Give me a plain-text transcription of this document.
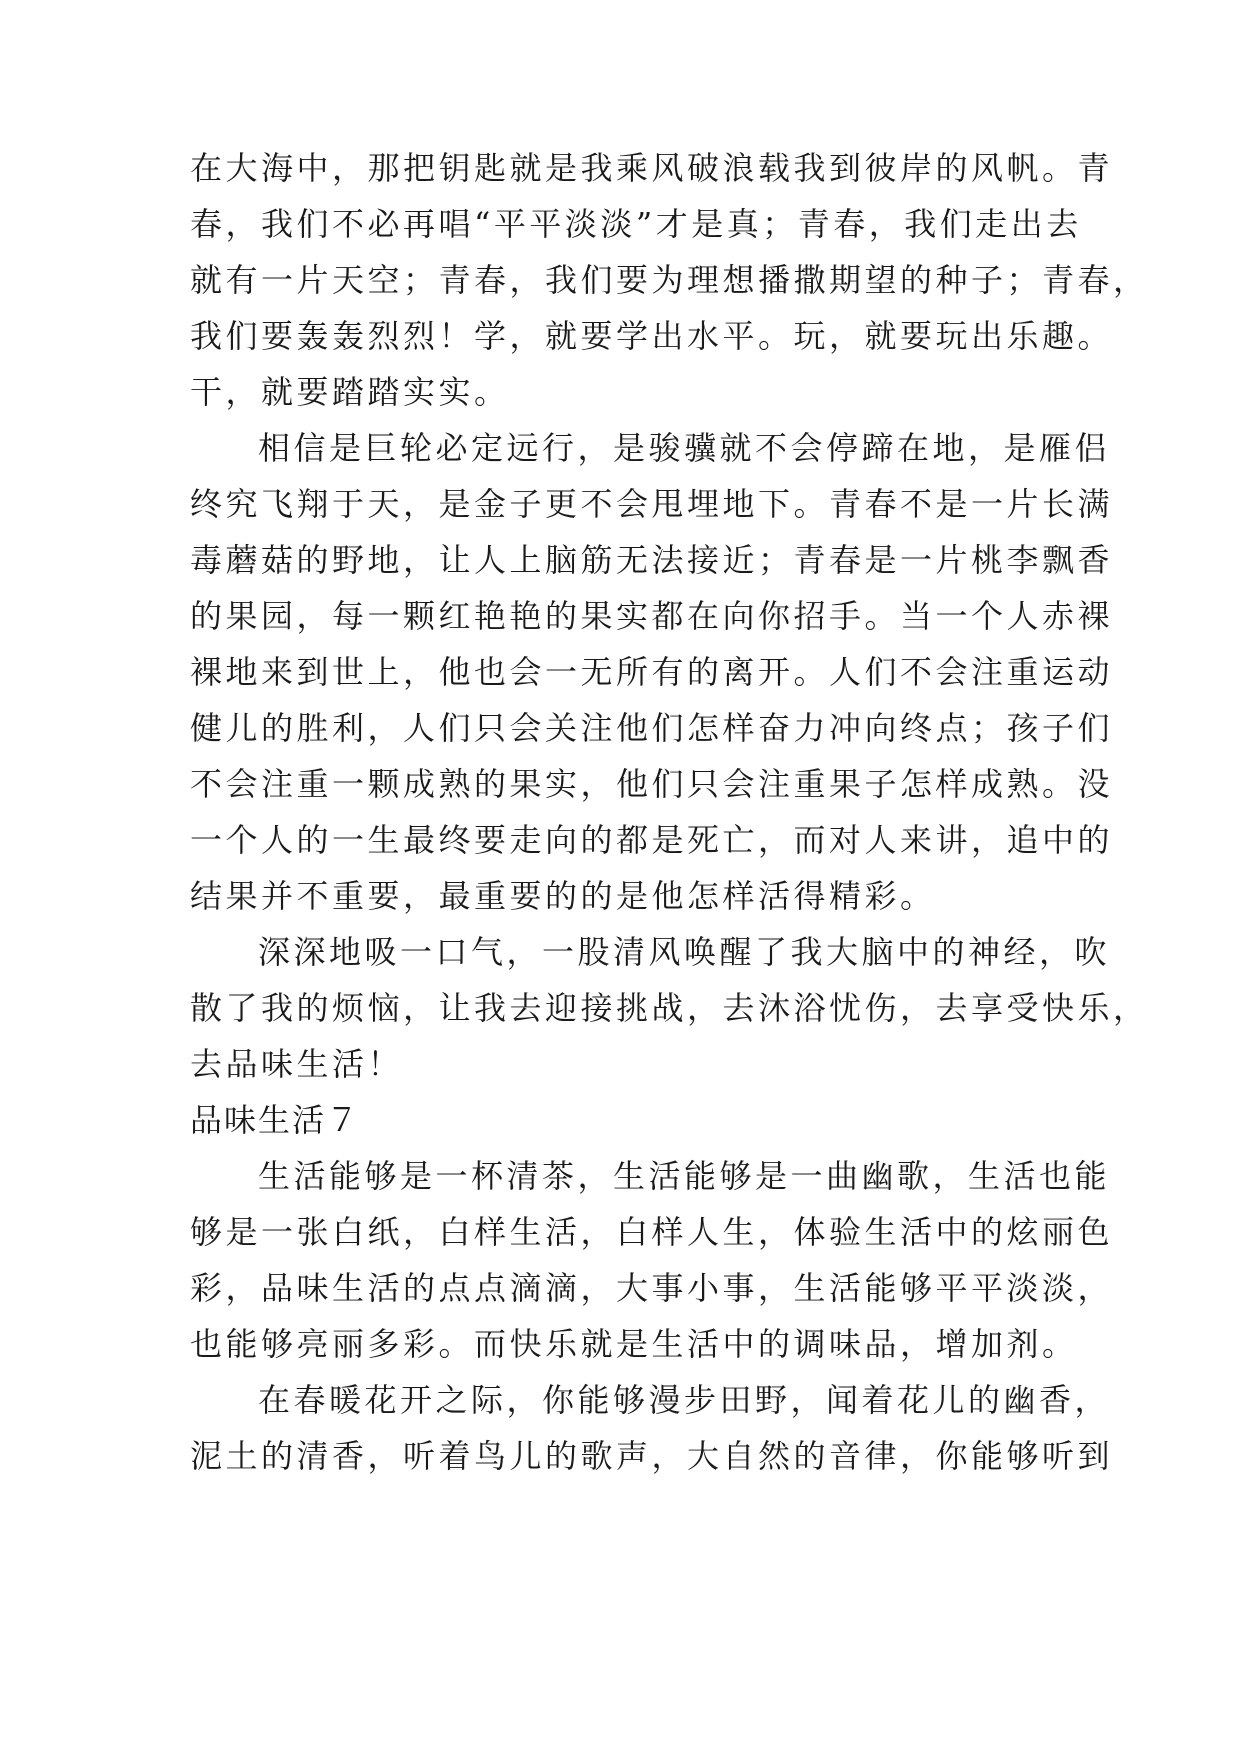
在大海中，那把钥匙就是我乘风破浪载我到彼岸的风帆。青
春，我们不必再唱“平平淡淡”才是真；青春，我们走出去
就有一片天空；青春，我们要为理想播撒期望的种子；青春，
我们要轰轰烈烈！学，就要学出水平。玩，就要玩出乐趣。
干，就要踏踏实实。
相信是巨轮必定远行，是骏骥就不会停蹄在地，是雁侣
终究飞翔于天，是金子更不会甩埋地下。青春不是一片长满
毒蘑菇的野地，让人上脑筋无法接近；青春是一片桃李飘香
的果园，每一颗红艳艳的果实都在向你招手。当一个人赤裸
裸地来到世上，他也会一无所有的离开。人们不会注重运动
健儿的胜利，人们只会关注他们怎样奋力冲向终点；孩子们
不会注重一颗成熟的果实，他们只会注重果子怎样成熟。没
一个人的一生最终要走向的都是死亡，而对人来讲，追中的
结果并不重要，最重要的的是他怎样活得精彩。
深深地吸一口气，一股清风唤醒了我大脑中的神经，吹
散了我的烦恼，让我去迎接挑战，去沐浴忧伤，去享受快乐，
去品味生活！
品味生活７
生活能够是一杯清茶，生活能够是一曲幽歌，生活也能
够是一张白纸，白样生活，白样人生，体验生活中的炫丽色
彩，品味生活的点点滴滴，大事小事，生活能够平平淡淡，
也能够亮丽多彩。而快乐就是生活中的调味品，增加剂。
在春暖花开之际，你能够漫步田野，闻着花儿的幽香，
泥土的清香，听着鸟儿的歌声，大自然的音律，你能够听到
